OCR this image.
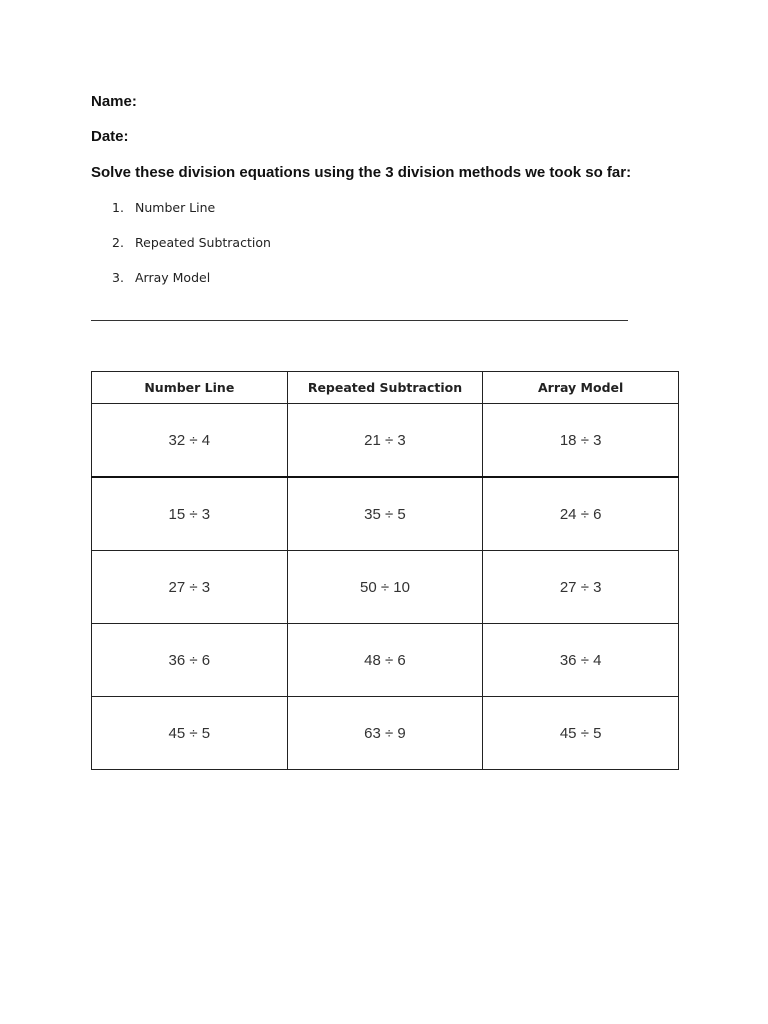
Name:
Date:
Solve these division equations using the 3 division methods we took so far:
1. Number Line
2. Repeated Subtraction
3. Array Model
Number Line	Repeated Subtraction	Array Model
32 ÷ 4	21 ÷ 3	18 ÷ 3
15 ÷ 3	35 ÷ 5	24 ÷ 6
27 ÷ 3	50 ÷ 10	27 ÷ 3
36 ÷ 6	48 ÷ 6	36 ÷ 4
45 ÷ 5	63 ÷ 9	45 ÷ 5
